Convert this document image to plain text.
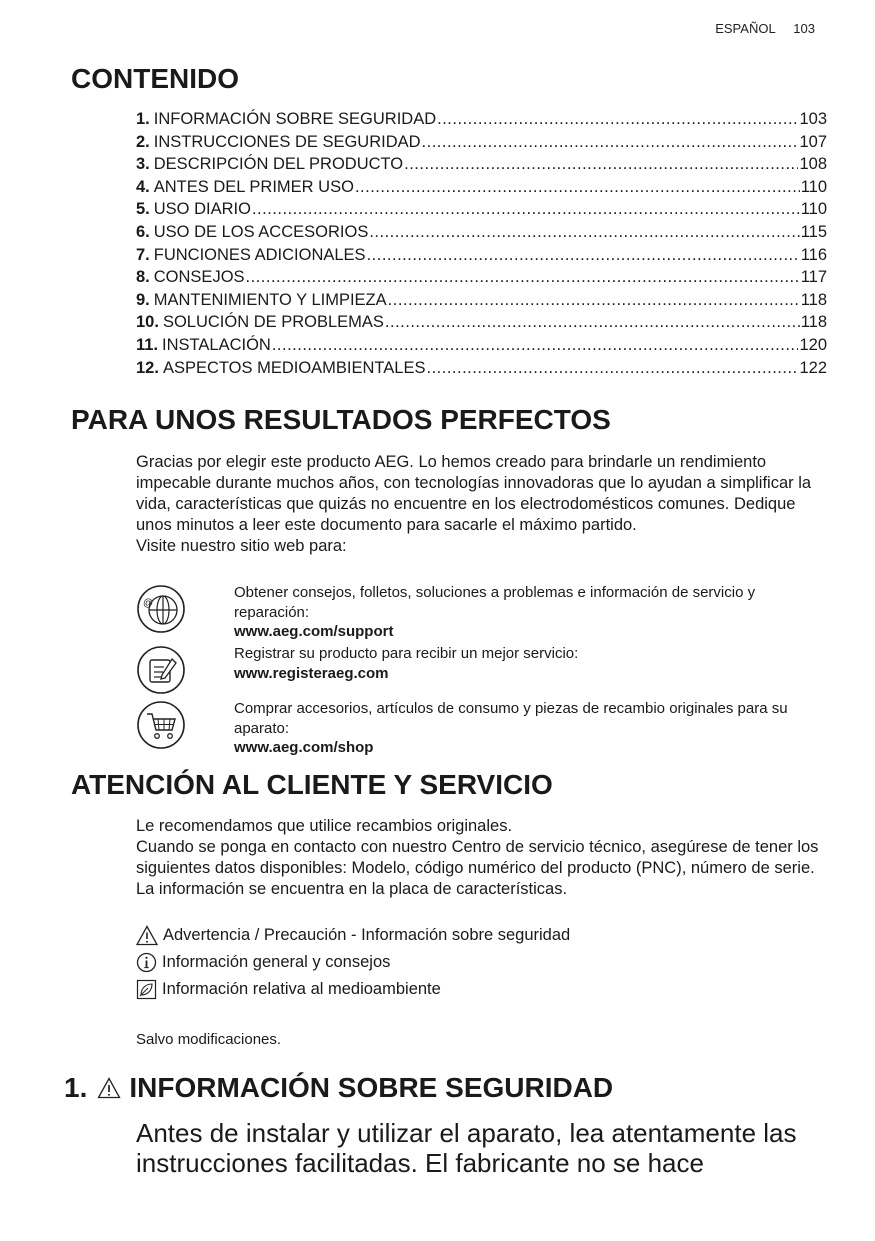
ESPAÑOL 103
CONTENIDO
1. INFORMACIÓN SOBRE SEGURIDAD .....	103
2. INSTRUCCIONES DE SEGURIDAD .....	107
3. DESCRIPCIÓN DEL PRODUCTO .....	108
4. ANTES DEL PRIMER USO .....	110
5. USO DIARIO .....	110
6. USO DE LOS ACCESORIOS .....	115
7. FUNCIONES ADICIONALES .....	116
8. CONSEJOS .....	117
9. MANTENIMIENTO Y LIMPIEZA .....	118
10. SOLUCIÓN DE PROBLEMAS .....	118
11. INSTALACIÓN .....	120
12. ASPECTOS MEDIOAMBIENTALES .....	122
PARA UNOS RESULTADOS PERFECTOS

Gracias por elegir este producto AEG. Lo hemos creado para brindarle un rendimiento impecable durante muchos años, con tecnologías innovadoras que lo ayudan a simplificar la vida, características que quizás no encuentre en los electrodomésticos comunes. Dedique unos minutos a leer este documento para sacarle el máximo partido.

Visite nuestro sitio web para:

@
Obtener consejos, folletos, soluciones a problemas e información de servicio y reparación:
www.aeg.com/support
Registrar su producto para recibir un mejor servicio:
www.registeraeg.com
Comprar accesorios, artículos de consumo y piezas de recambio originales para su aparato:
www.aeg.com/shop
ATENCIÓN AL CLIENTE Y SERVICIO

Le recomendamos que utilice recambios originales.

Cuando se ponga en contacto con nuestro Centro de servicio técnico, asegúrese de tener los siguientes datos disponibles: Modelo, código numérico del producto (PNC), número de serie.

La información se encuentra en la placa de características.

Advertencia / Precaución - Información sobre seguridad
Información general y consejos
Información relativa al medioambiente
Salvo modificaciones.
1. INFORMACIÓN SOBRE SEGURIDAD
Antes de instalar y utilizar el aparato, lea atentamente las instrucciones facilitadas. El fabricante no se hace
